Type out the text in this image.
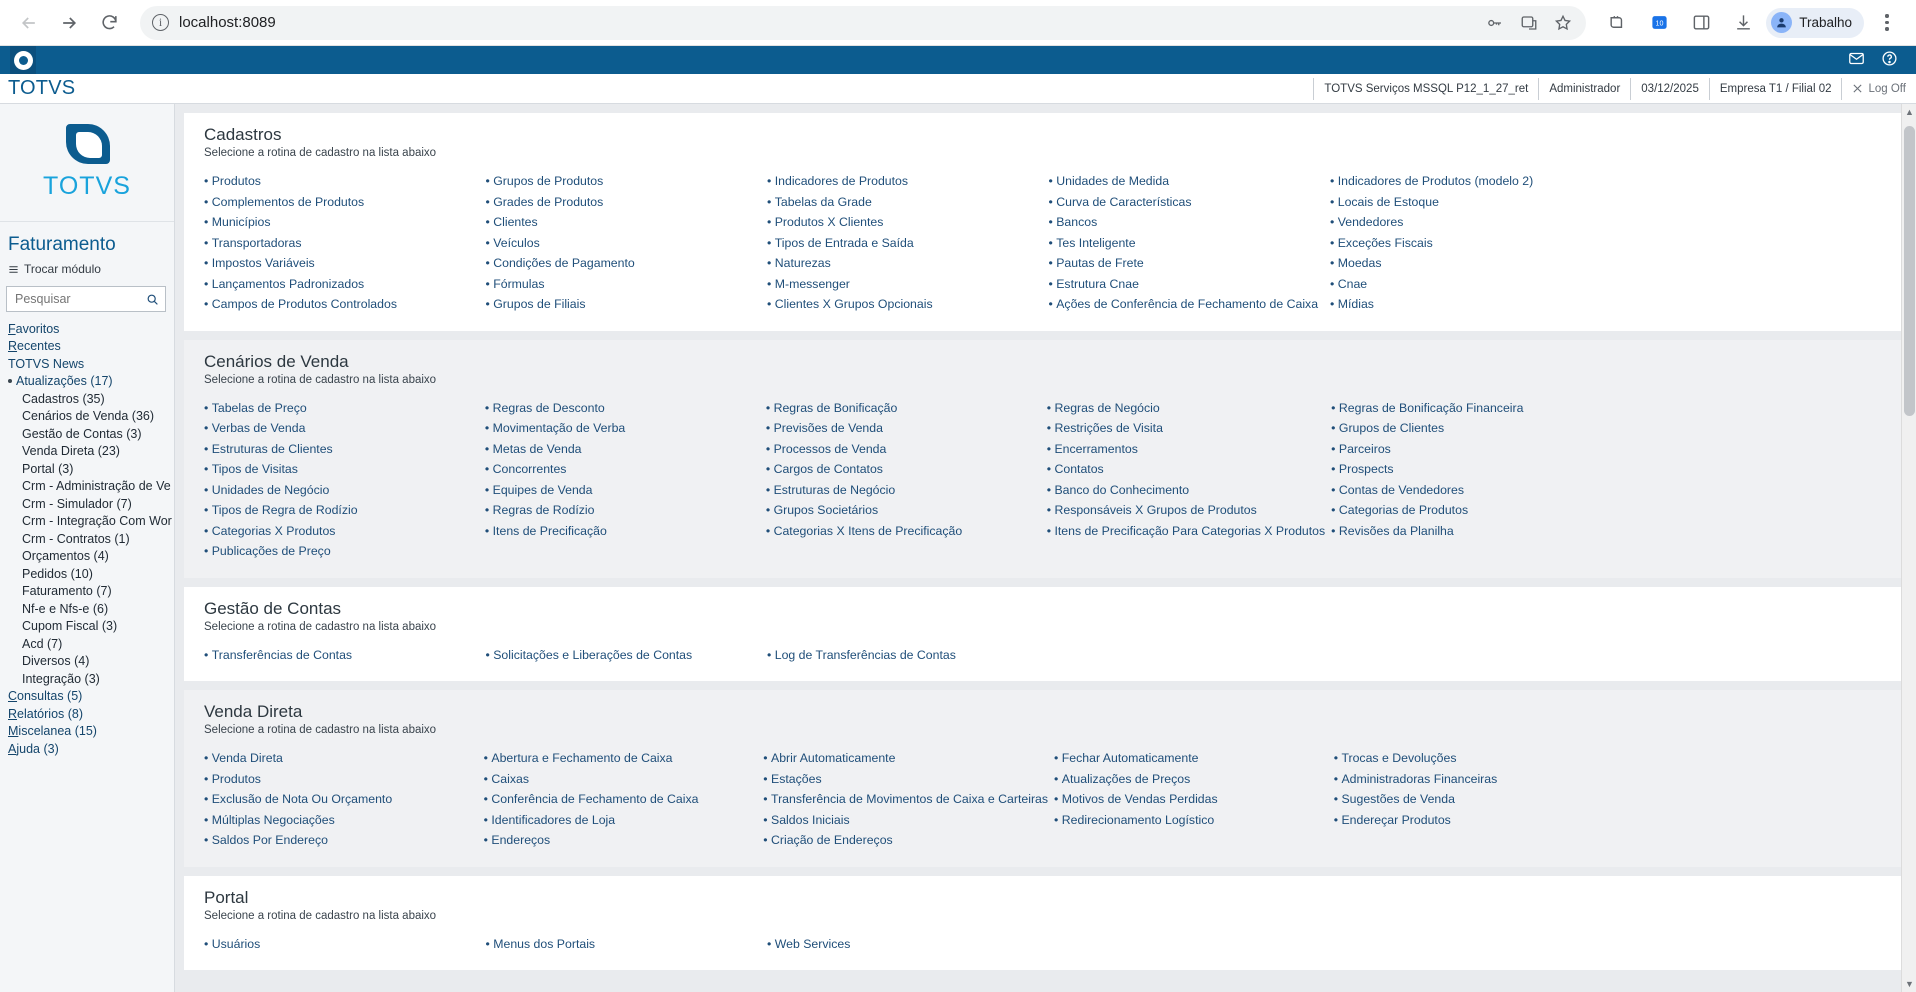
i	localhost:8089	10	Trabalho
TOTVS	TOTVS Serviços MSSQL P12_1_27_ret	Administrador	03/12/2025	Empresa T1 / Filial 02	Log Off
TOTVS
Faturamento
Trocar módulo
Pesquisar
Favoritos
Recentes
TOTVS News
Atualizações (17)
Cadastros (35)
Cenários de Venda (36)
Gestão de Contas (3)
Venda Direta (23)
Portal (3)
Crm - Administração de Ve
Crm - Simulador (7)
Crm - Integração Com Wor
Crm - Contratos (1)
Orçamentos (4)
Pedidos (10)
Faturamento (7)
Nf-e e Nfs-e (6)
Cupom Fiscal (3)
Acd (7)
Diversos (4)
Integração (3)
Consultas (5)
Relatórios (8)
Miscelanea (15)
Ajuda (3)
Cadastros
Selecione a rotina de cadastro na lista abaixo
• Produtos
• Complementos de Produtos
• Municípios
• Transportadoras
• Impostos Variáveis
• Lançamentos Padronizados
• Campos de Produtos Controlados
• Grupos de Produtos
• Grades de Produtos
• Clientes
• Veículos
• Condições de Pagamento
• Fórmulas
• Grupos de Filiais
• Indicadores de Produtos
• Tabelas da Grade
• Produtos X Clientes
• Tipos de Entrada e Saída
• Naturezas
• M-messenger
• Clientes X Grupos Opcionais
• Unidades de Medida
• Curva de Características
• Bancos
• Tes Inteligente
• Pautas de Frete
• Estrutura Cnae
• Ações de Conferência de Fechamento de Caixa
• Indicadores de Produtos (modelo 2)
• Locais de Estoque
• Vendedores
• Exceções Fiscais
• Moedas
• Cnae
• Mídias
Cenários de Venda
Selecione a rotina de cadastro na lista abaixo
• Tabelas de Preço
• Verbas de Venda
• Estruturas de Clientes
• Tipos de Visitas
• Unidades de Negócio
• Tipos de Regra de Rodízio
• Categorias X Produtos
• Publicações de Preço
• Regras de Desconto
• Movimentação de Verba
• Metas de Venda
• Concorrentes
• Equipes de Venda
• Regras de Rodízio
• Itens de Precificação
• Regras de Bonificação
• Previsões de Venda
• Processos de Venda
• Cargos de Contatos
• Estruturas de Negócio
• Grupos Societários
• Categorias X Itens de Precificação
• Regras de Negócio
• Restrições de Visita
• Encerramentos
• Contatos
• Banco do Conhecimento
• Responsáveis X Grupos de Produtos
• Itens de Precificação Para Categorias X Produtos
• Regras de Bonificação Financeira
• Grupos de Clientes
• Parceiros
• Prospects
• Contas de Vendedores
• Categorias de Produtos
• Revisões da Planilha
Gestão de Contas
Selecione a rotina de cadastro na lista abaixo
• Transferências de Contas	• Solicitações e Liberações de Contas	• Log de Transferências de Contas
Venda Direta
Selecione a rotina de cadastro na lista abaixo
• Venda Direta
• Produtos
• Exclusão de Nota Ou Orçamento
• Múltiplas Negociações
• Saldos Por Endereço
• Abertura e Fechamento de Caixa
• Caixas
• Conferência de Fechamento de Caixa
• Identificadores de Loja
• Endereços
• Abrir Automaticamente
• Estações
• Transferência de Movimentos de Caixa e Carteiras
• Saldos Iniciais
• Criação de Endereços
• Fechar Automaticamente
• Atualizações de Preços
• Motivos de Vendas Perdidas
• Redirecionamento Logístico
• Trocas e Devoluções
• Administradoras Financeiras
• Sugestões de Venda
• Endereçar Produtos
Portal
Selecione a rotina de cadastro na lista abaixo
• Usuários	• Menus dos Portais	• Web Services
▲
▼
